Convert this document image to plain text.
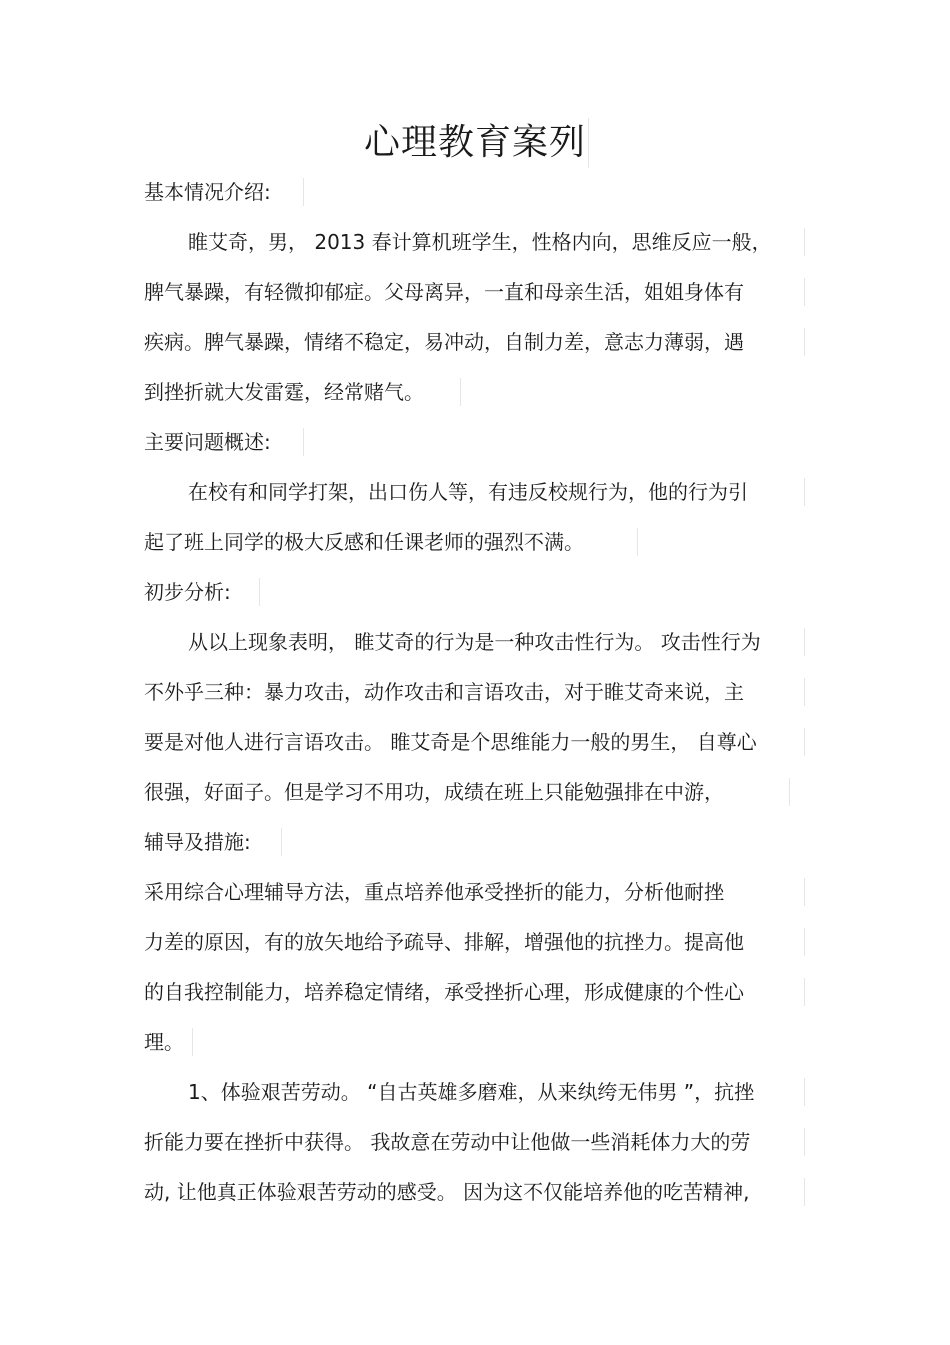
心理教育案列
基本情况介绍:
睢艾奇，男， 2013 春计算机班学生，性格内向，思维反应一般，
脾气暴躁，有轻微抑郁症。父母离异，一直和母亲生活，姐姐身体有
疾病。脾气暴躁，情绪不稳定，易冲动，自制力差，意志力薄弱，遇
到挫折就大发雷霆，经常赌气。
主要问题概述:
在校有和同学打架，出口伤人等，有违反校规行为，他的行为引
起了班上同学的极大反感和任课老师的强烈不满。
初步分析:
从以上现象表明， 睢艾奇的行为是一种攻击性行为。 攻击性行为
不外乎三种：暴力攻击，动作攻击和言语攻击，对于睢艾奇来说，主
要是对他人进行言语攻击。 睢艾奇是个思维能力一般的男生， 自尊心
很强，好面子。但是学习不用功，成绩在班上只能勉强排在中游，
辅导及措施:
采用综合心理辅导方法，重点培养他承受挫折的能力，分析他耐挫
力差的原因，有的放矢地给予疏导、排解，增强他的抗挫力。提高他
的自我控制能力，培养稳定情绪，承受挫折心理，形成健康的个性心
理。
1、体验艰苦劳动。 “自古英雄多磨难，从来纨绔无伟男 ”，抗挫
折能力要在挫折中获得。 我故意在劳动中让他做一些消耗体力大的劳
动, 让他真正体验艰苦劳动的感受。 因为这不仅能培养他的吃苦精神,
